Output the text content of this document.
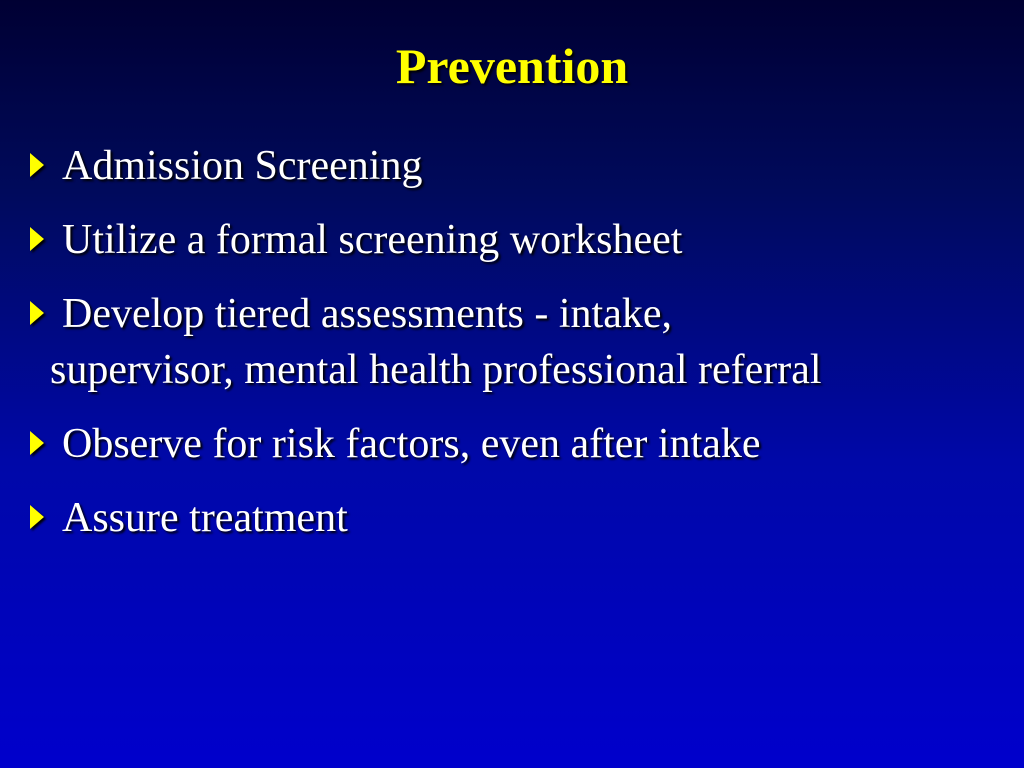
Prevention
Admission Screening
Utilize a formal screening worksheet
Develop tiered assessments - intake,
supervisor, mental health professional referral
Observe for risk factors, even after intake
Assure treatment
